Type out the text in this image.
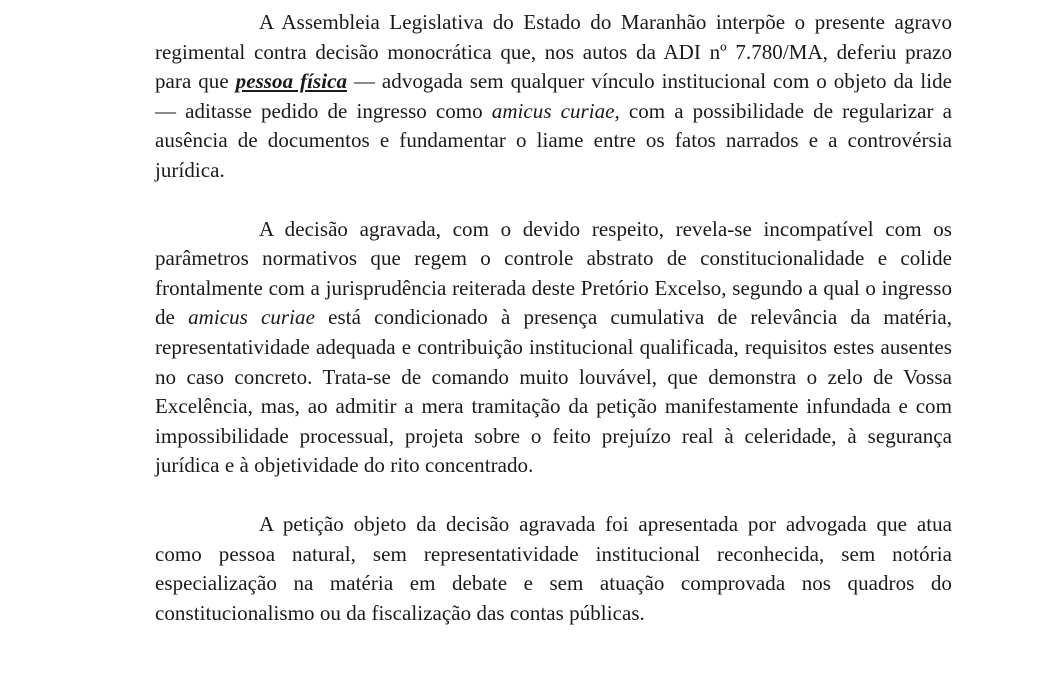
A Assembleia Legislativa do Estado do Maranhão interpõe o presente agravo regimental contra decisão monocrática que, nos autos da ADI nº 7.780/MA, deferiu prazo para que pessoa física — advogada sem qualquer vínculo institucional com o objeto da lide — aditasse pedido de ingresso como amicus curiae, com a possibilidade de regularizar a ausência de documentos e fundamentar o liame entre os fatos narrados e a controvérsia jurídica.

A decisão agravada, com o devido respeito, revela-se incompatível com os parâmetros normativos que regem o controle abstrato de constitucionalidade e colide frontalmente com a jurisprudência reiterada deste Pretório Excelso, segundo a qual o ingresso de amicus curiae está condicionado à presença cumulativa de relevância da matéria, representatividade adequada e contribuição institucional qualificada, requisitos estes ausentes no caso concreto. Trata-se de comando muito louvável, que demonstra o zelo de Vossa Excelência, mas, ao admitir a mera tramitação da petição manifestamente infundada e com impossibilidade processual, projeta sobre o feito prejuízo real à celeridade, à segurança jurídica e à objetividade do rito concentrado.

A petição objeto da decisão agravada foi apresentada por advogada que atua como pessoa natural, sem representatividade institucional reconhecida, sem notória especialização na matéria em debate e sem atuação comprovada nos quadros do constitucionalismo ou da fiscalização das contas públicas.
